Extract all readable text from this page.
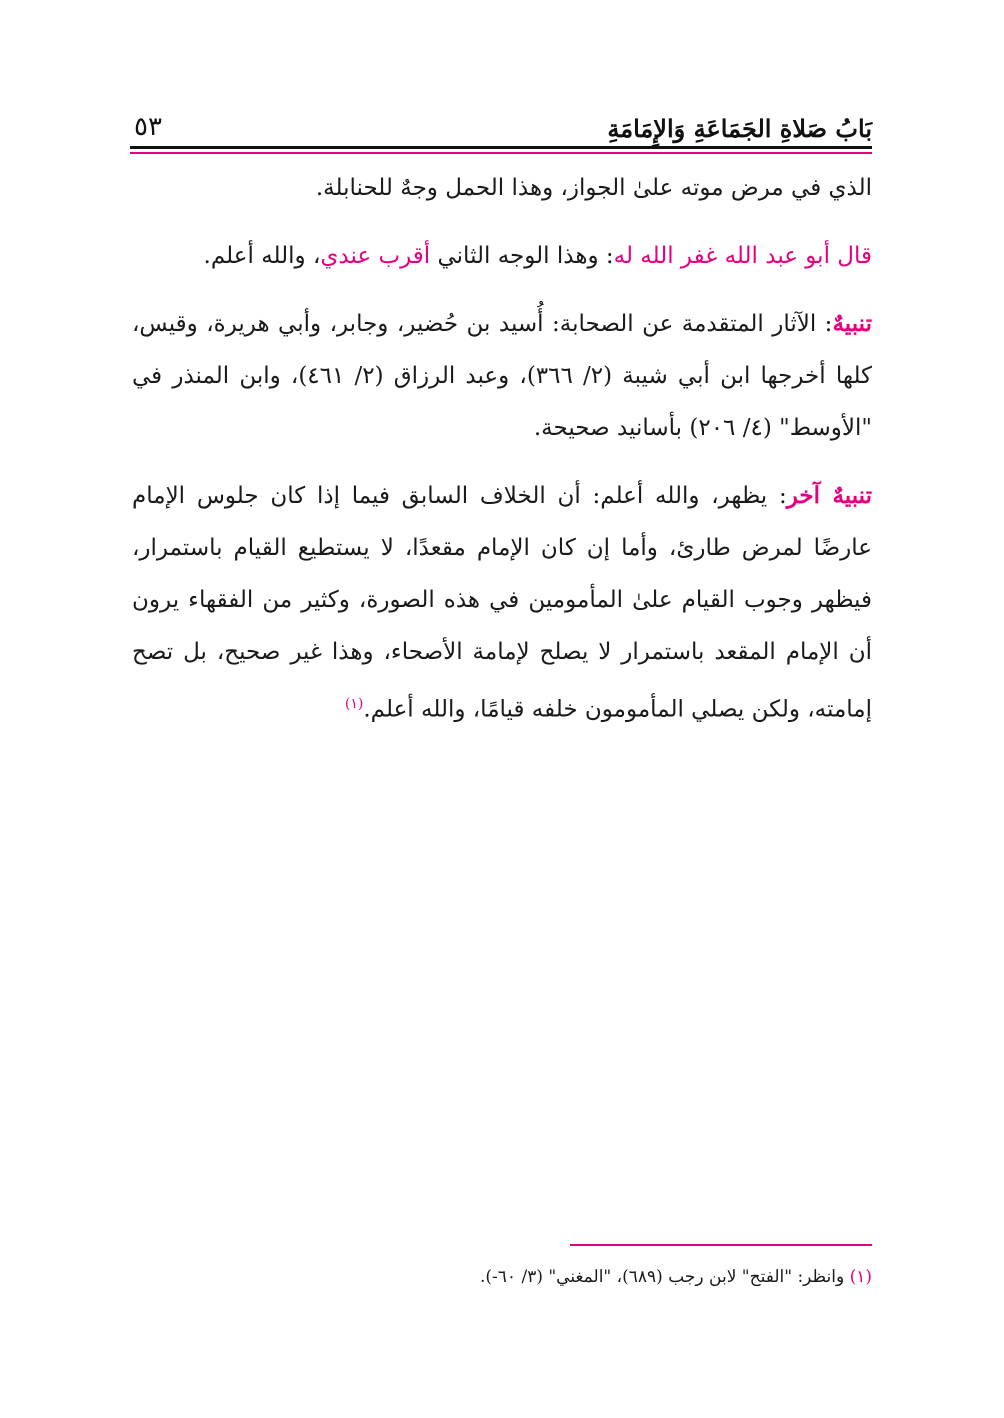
بَابُ صَلاةِ الجَمَاعَةِ وَالإِمَامَةِ
٥٣

الذي في مرض موته علىٰ الجواز، وهذا الحمل وجهٌ للحنابلة.

قال أبو عبد الله غفر الله له: وهذا الوجه الثاني أقرب عندي، والله أعلم.

تنبيهٌ: الآثار المتقدمة عن الصحابة: أُسيد بن حُضير، وجابر، وأبي هريرة، وقيس، كلها أخرجها ابن أبي شيبة (٢/ ٣٦٦)، وعبد الرزاق (٢/ ٤٦١)، وابن المنذر في "الأوسط" (٤/ ٢٠٦) بأسانيد صحيحة.

تنبيهٌ آخر: يظهر، والله أعلم: أن الخلاف السابق فيما إذا كان جلوس الإمام عارضًا لمرض طارئ، وأما إن كان الإمام مقعدًا، لا يستطيع القيام باستمرار، فيظهر وجوب القيام علىٰ المأمومين في هذه الصورة، وكثير من الفقهاء يرون أن الإمام المقعد باستمرار لا يصلح لإمامة الأصحاء، وهذا غير صحيح، بل تصح إمامته، ولكن يصلي المأمومون خلفه قيامًا، والله أعلم.$^{(١)}$

(١) وانظر: "الفتح" لابن رجب (٦٨٩)، "المغني" (٣/ ٦٠-).
